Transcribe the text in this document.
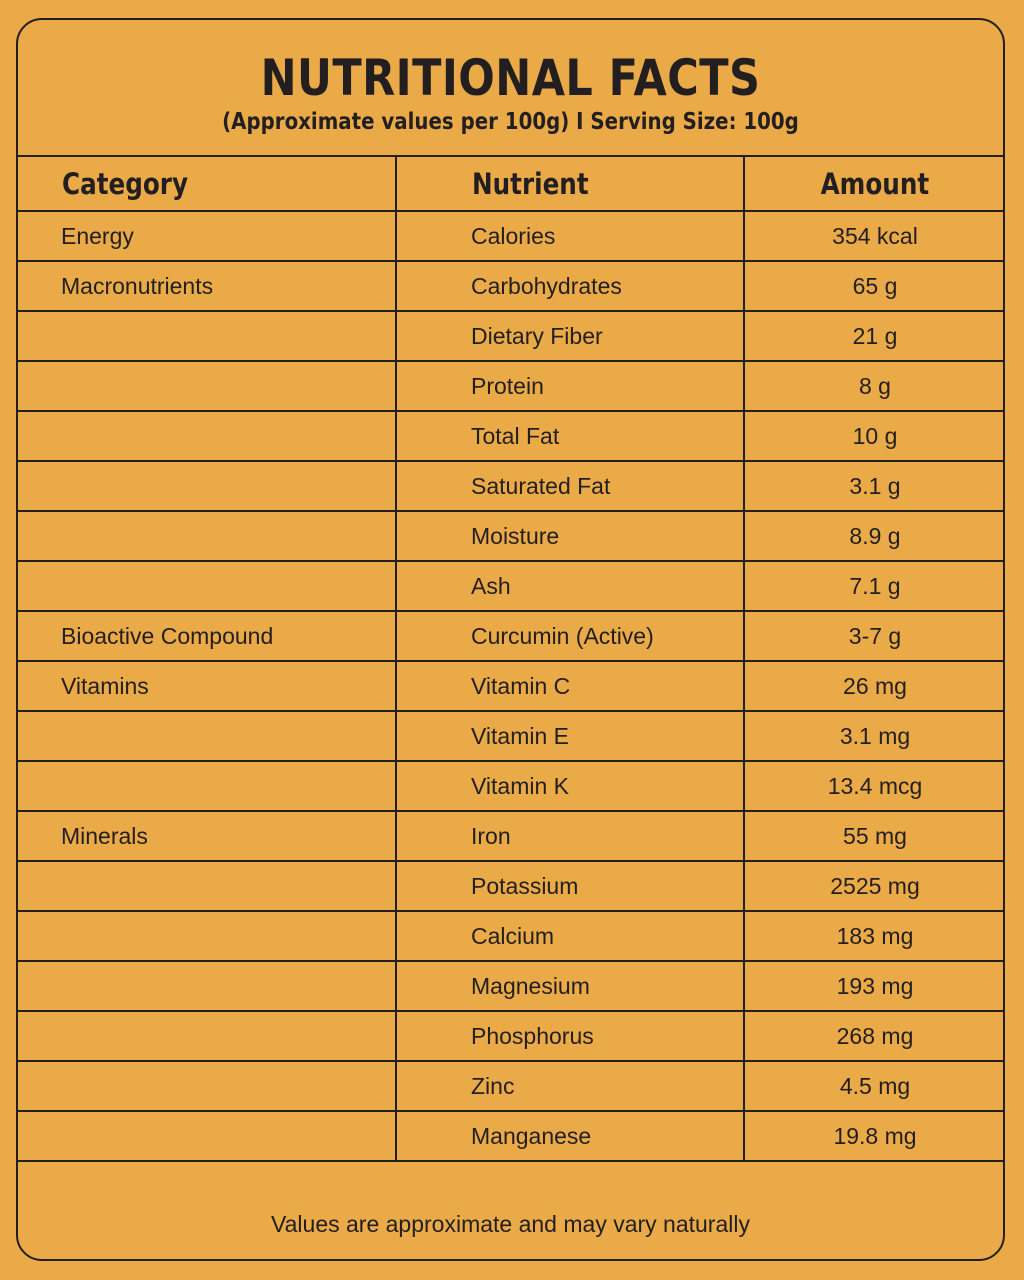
NUTRITIONAL FACTS
(Approximate values per 100g) I Serving Size: 100g
Category	Nutrient	Amount
Energy	Calories	354 kcal
Macronutrients	Carbohydrates	65 g
	Dietary Fiber	21 g
	Protein	8 g
	Total Fat	10 g
	Saturated Fat	3.1 g
	Moisture	8.9 g
	Ash	7.1 g
Bioactive Compound	Curcumin (Active)	3-7 g
Vitamins	Vitamin C	26 mg
	Vitamin E	3.1 mg
	Vitamin K	13.4 mcg
Minerals	Iron	55 mg
	Potassium	2525 mg
	Calcium	183 mg
	Magnesium	193 mg
	Phosphorus	268 mg
	Zinc	4.5 mg
	Manganese	19.8 mg
Values are approximate and may vary naturally
